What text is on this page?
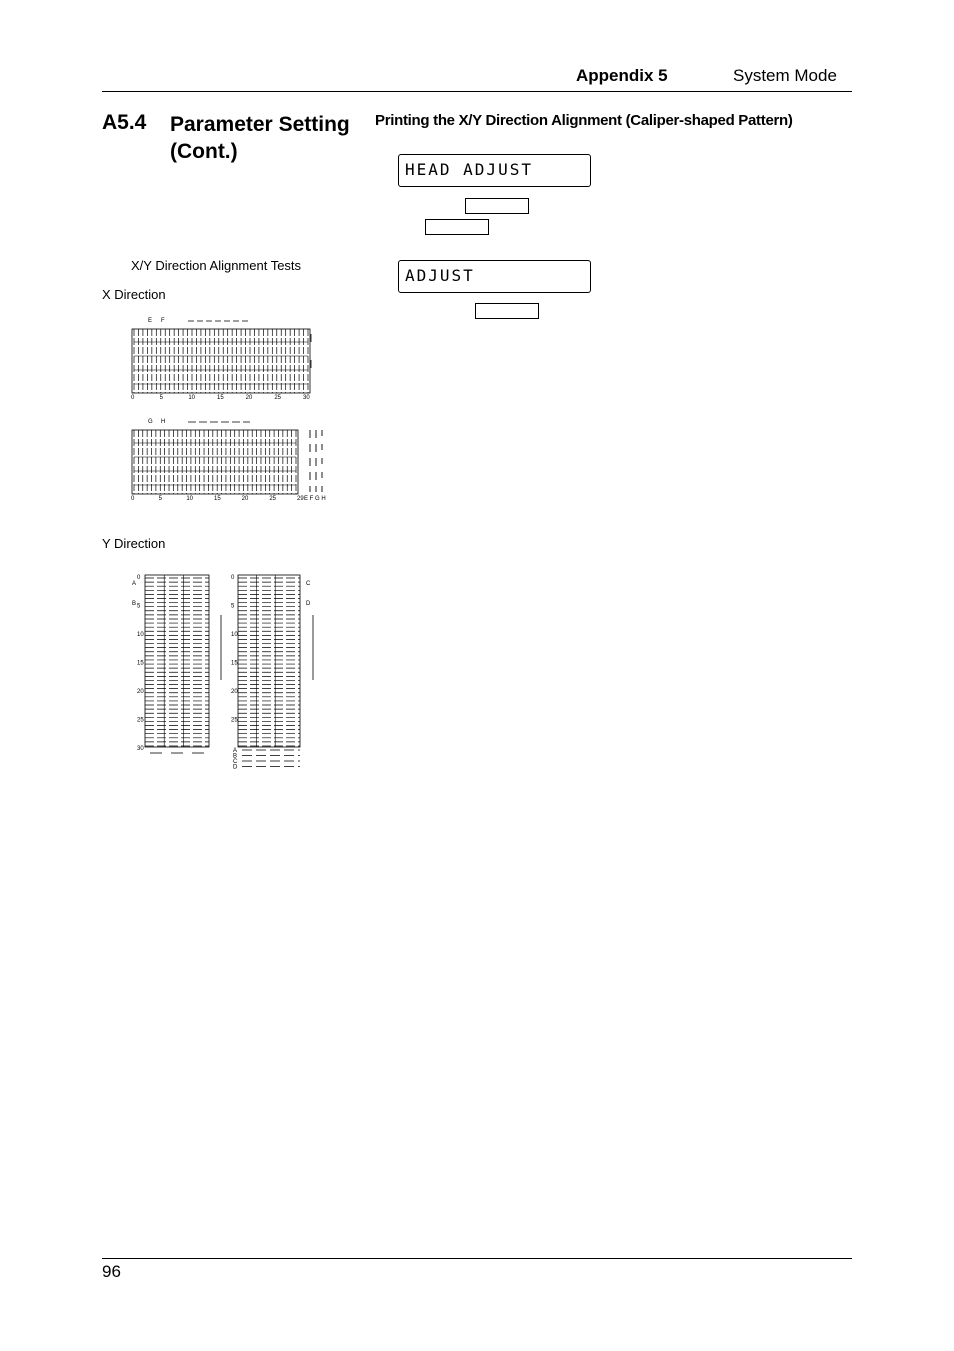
Appendix 5	System Mode
A5.4 Parameter Setting (Cont.)
Printing the X/Y Direction Alignment (Caliper-shaped Pattern)
HEAD ADJUST
ADJUST
X/Y Direction Alignment Tests
X Direction
Y Direction
E F
0	5	10	15	20	25	30
G H
0	5	10	15	20	25	29 E F G H
A
B
0
5
10
15
20
25
30
C
D
0
5
10
15
20
25
A
B
C
D
96
